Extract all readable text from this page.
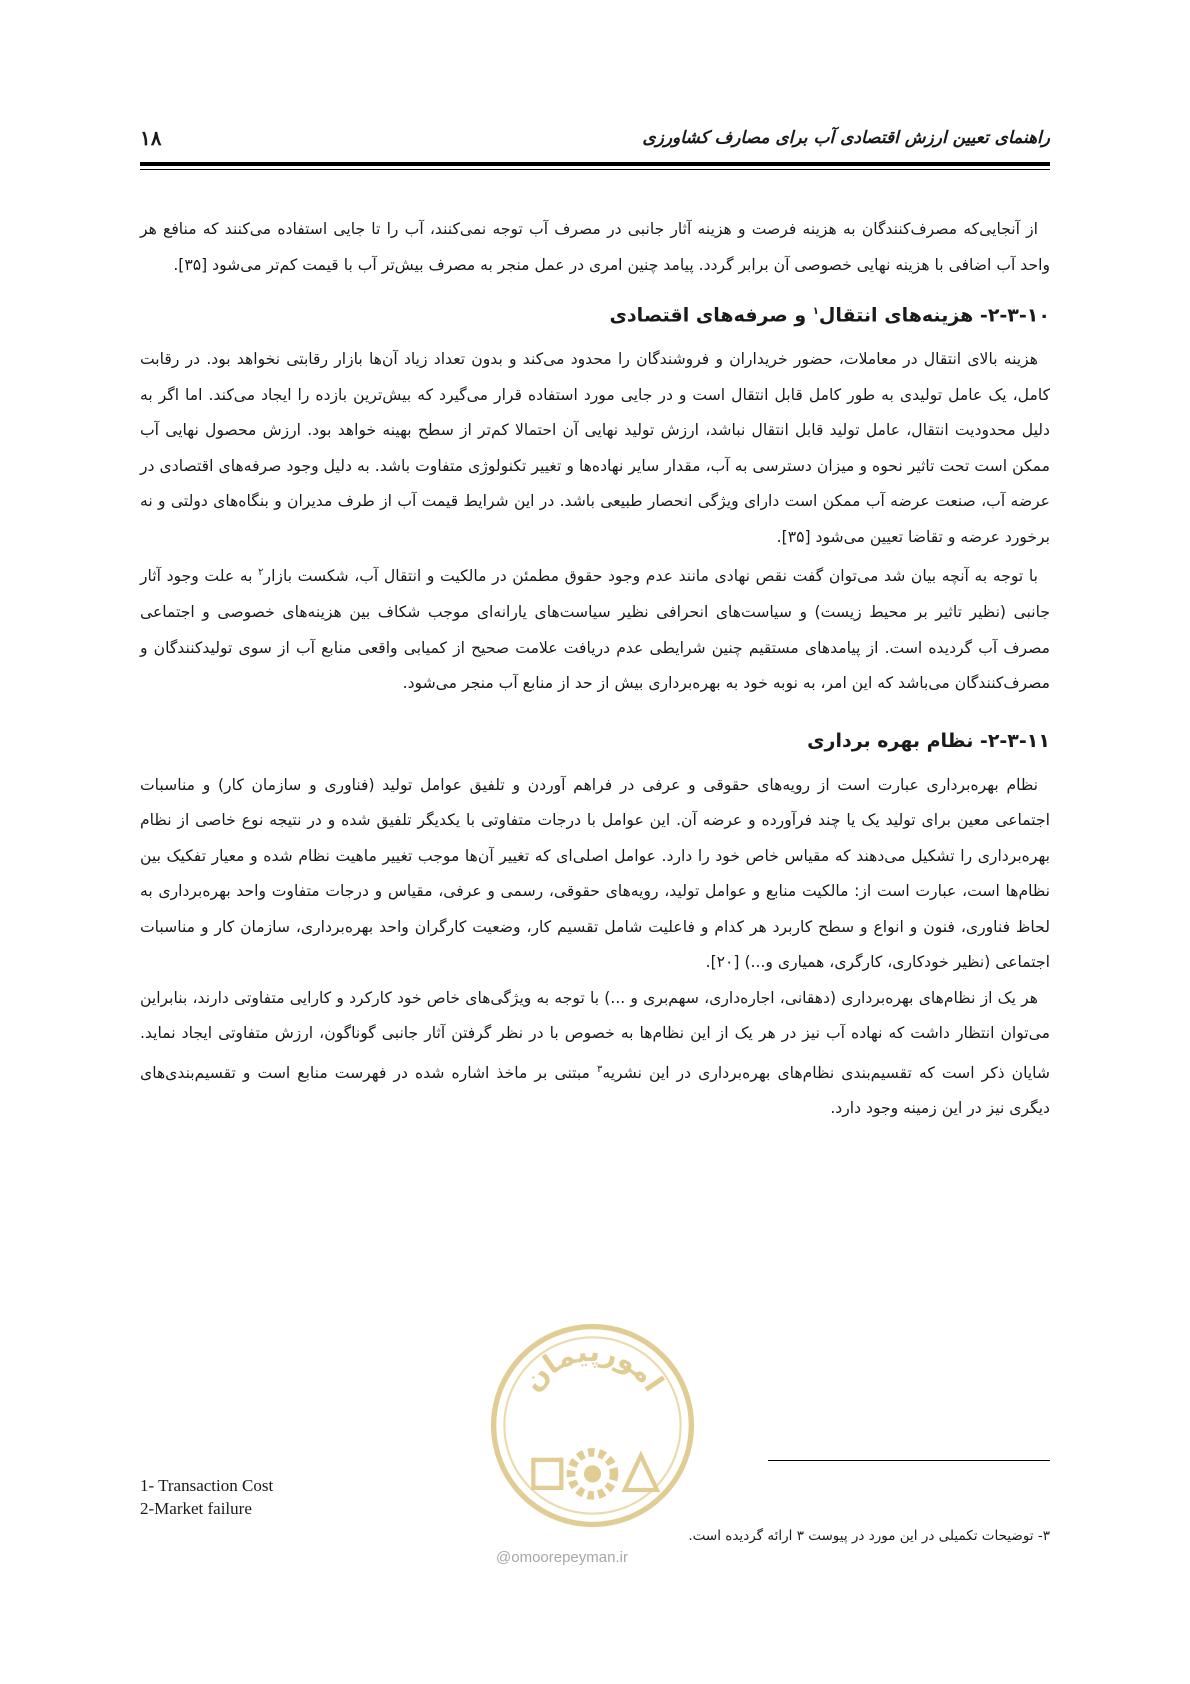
راهنمای تعیین ارزش اقتصادی آب برای مصارف کشاورزی
۱۸

از آنجایی‌که مصرف‌کنندگان به هزینه فرصت و هزینه آثار جانبی در مصرف آب توجه نمی‌کنند، آب را تا جایی استفاده می‌کنند که منافع هر واحد آب اضافی با هزینه نهایی خصوصی آن برابر گردد. پیامد چنین امری در عمل منجر به مصرف بیش‌تر آب با قیمت کم‌تر می‌شود [۳۵].

۲-۳-۱۰- هزینه‌های انتقال$^۱$ و صرفه‌های اقتصادی

هزینه بالای انتقال در معاملات، حضور خریداران و فروشندگان را محدود می‌کند و بدون تعداد زیاد آن‌ها بازار رقابتی نخواهد بود. در رقابت کامل، یک عامل تولیدی به طور کامل قابل انتقال است و در جایی مورد استفاده قرار می‌گیرد که بیش‌ترین بازده را ایجاد می‌کند. اما اگر به دلیل محدودیت انتقال، عامل تولید قابل انتقال نباشد، ارزش تولید نهایی آن احتمالا کم‌تر از سطح بهینه خواهد بود. ارزش محصول نهایی آب ممکن است تحت تاثیر نحوه و میزان دسترسی به آب، مقدار سایر نهاده‌ها و تغییر تکنولوژی متفاوت باشد. به دلیل وجود صرفه‌های اقتصادی در عرضه آب، صنعت عرضه آب ممکن است دارای ویژگی انحصار طبیعی باشد. در این شرایط قیمت آب از طرف مدیران و بنگاه‌های دولتی و نه برخورد عرضه و تقاضا تعیین می‌شود [۳۵].

با توجه به آنچه بیان شد می‌توان گفت نقص نهادی مانند عدم وجود حقوق مطمئن در مالکیت و انتقال آب، شکست بازار$^۲$ به علت وجود آثار جانبی (نظیر تاثیر بر محیط زیست) و سیاست‌های انحرافی نظیر سیاست‌های یارانه‌ای موجب شکاف بین هزینه‌های خصوصی و اجتماعی مصرف آب گردیده است. از پیامدهای مستقیم چنین شرایطی عدم دریافت علامت صحیح از کمیابی واقعی منابع آب از سوی تولیدکنندگان و مصرف‌کنندگان می‌باشد که این امر، به نوبه خود به بهره‌برداری بیش از حد از منابع آب منجر می‌شود.

۲-۳-۱۱- نظام بهره برداری

نظام بهره‌برداری عبارت است از رویه‌های حقوقی و عرفی در فراهم آوردن و تلفیق عوامل تولید (فناوری و سازمان کار) و مناسبات اجتماعی معین برای تولید یک یا چند فرآورده و عرضه آن. این عوامل با درجات متفاوتی با یکدیگر تلفیق شده و در نتیجه نوع خاصی از نظام بهره‌برداری را تشکیل می‌دهند که مقیاس خاص خود را دارد. عوامل اصلی‌ای که تغییر آن‌ها موجب تغییر ماهیت نظام شده و معیار تفکیک بین نظام‌ها است، عبارت است از: مالکیت منابع و عوامل تولید، رویه‌های حقوقی، رسمی و عرفی، مقیاس و درجات متفاوت واحد بهره‌برداری به لحاظ فناوری، فنون و انواع و سطح کاربرد هر کدام و فاعلیت شامل تقسیم کار، وضعیت کارگران واحد بهره‌برداری، سازمان کار و مناسبات اجتماعی (نظیر خودکاری، کارگری، همیاری و...) [۲۰].

هر یک از نظام‌های بهره‌برداری (دهقانی، اجاره‌داری، سهم‌بری و ...) با توجه به ویژگی‌های خاص خود کارکرد و کارایی متفاوتی دارند، بنابراین می‌توان انتظار داشت که نهاده آب نیز در هر یک از این نظام‌ها به خصوص با در نظر گرفتن آثار جانبی گوناگون، ارزش متفاوتی ایجاد نماید. شایان ذکر است که تقسیم‌بندی نظام‌های بهره‌برداری در این نشریه$^۳$ مبتنی بر ماخذ اشاره شده در فهرست منابع است و تقسیم‌بندی‌های دیگری نیز در این زمینه وجود دارد.

امورپیمان
@omoorepeyman.ir
1- Transaction Cost
2-Market failure
۳- توضیحات تکمیلی در این مورد در پیوست ۳ ارائه گردیده است.
